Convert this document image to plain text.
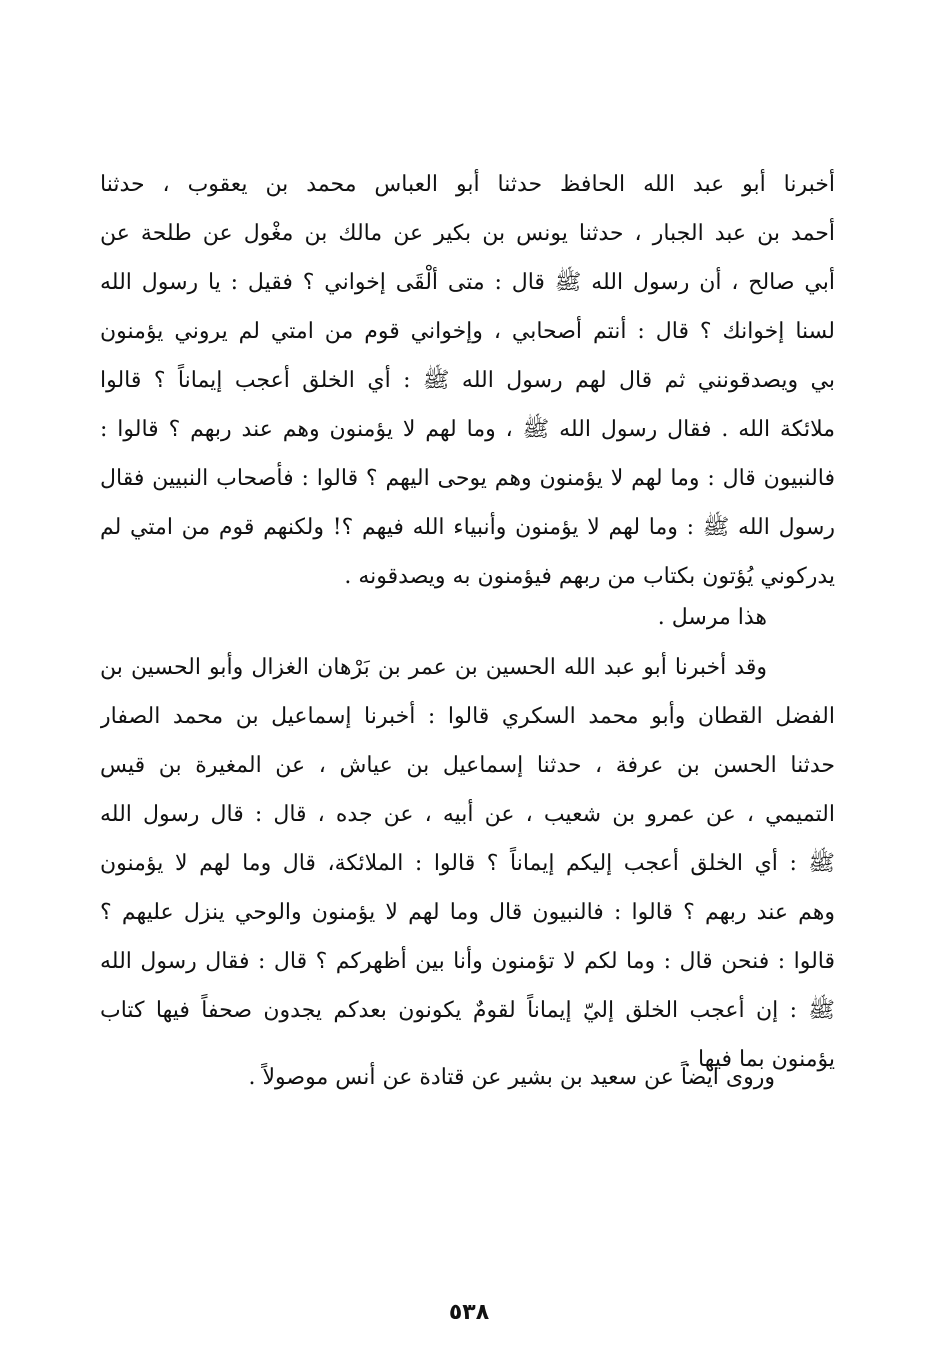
أخبرنا أبو عبد الله الحافظ حدثنا أبو العباس محمد بن يعقوب ، حدثنا
أحمد بن عبد الجبار ، حدثنا يونس بن بكير عن مالك بن مغْول عن طلحة عن
أبي صالح ، أن رسول الله ﷺ قال : متى ألْقَى إخواني ؟ فقيل : يا رسول الله
لسنا إخوانك ؟ قال : أنتم أصحابي ، وإخواني قوم من امتي لم يروني يؤمنون
بي ويصدقونني ثم قال لهم رسول الله ﷺ : أي الخلق أعجب إيماناً ؟ قالوا
ملائكة الله . فقال رسول الله ﷺ ، وما لهم لا يؤمنون وهم عند ربهم ؟ قالوا :
فالنبيون قال : وما لهم لا يؤمنون وهم يوحى اليهم ؟ قالوا : فأصحاب النبيين فقال
رسول الله ﷺ : وما لهم لا يؤمنون وأنبياء الله فيهم ؟! ولكنهم قوم من امتي لم
يدركوني يُؤتون بكتاب من ربهم فيؤمنون به ويصدقونه .
هذا مرسل .
وقد أخبرنا أبو عبد الله الحسين بن عمر بن بَرْهان الغزال وأبو الحسين بن
الفضل القطان وأبو محمد السكري قالوا : أخبرنا إسماعيل بن محمد الصفار
حدثنا الحسن بن عرفة ، حدثنا إسماعيل بن عياش ، عن المغيرة بن قيس
التميمي ، عن عمرو بن شعيب ، عن أبيه ، عن جده ، قال : قال رسول الله
ﷺ : أي الخلق أعجب إليكم إيماناً ؟ قالوا : الملائكة، قال وما لهم لا يؤمنون
وهم عند ربهم ؟ قالوا : فالنبيون قال وما لهم لا يؤمنون والوحي ينزل عليهم ؟
قالوا : فنحن قال : وما لكم لا تؤمنون وأنا بين أظهركم ؟ قال : فقال رسول الله
ﷺ : إن أعجب الخلق إليّ إيماناً لقومٌ يكونون بعدكم يجدون صحفاً فيها كتاب
يؤمنون بما فيها .
وروى ايضاً عن سعيد بن بشير عن قتادة عن أنس موصولاً .
٥٣٨
